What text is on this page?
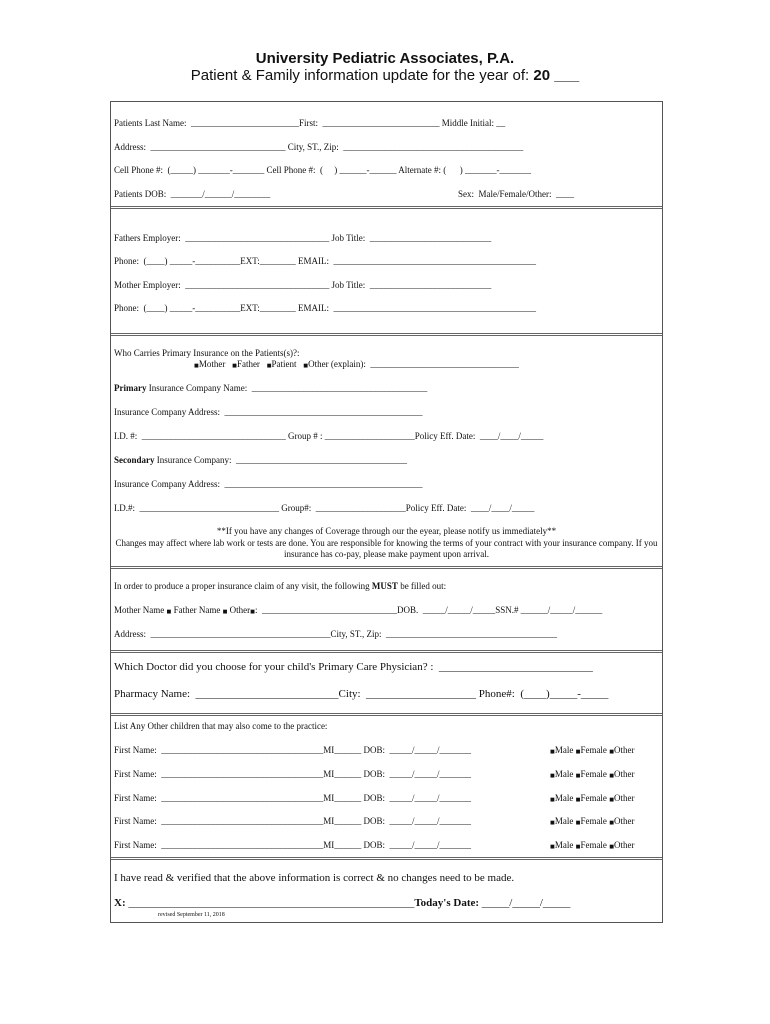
University Pediatric Associates, P.A.
Patient & Family information update for the year of: 20 ___
Patients Last Name:  ________________________First:  __________________________ Middle Initial: __
Address:  ______________________________ City, ST., Zip:  ________________________________________
Cell Phone #:  (_____) _______-_______ Cell Phone #:  (     ) ______-______ Alternate #: (      ) _______-_______
Patients DOB:  _______/______/________	Sex:  Male/Female/Other:  ____
Fathers Employer:  ________________________________ Job Title:  ___________________________
Phone:  (____) _____-__________EXT:________ EMAIL:  _____________________________________________
Mother Employer:  ________________________________ Job Title:  ___________________________
Phone:  (____) _____-__________EXT:________ EMAIL:  _____________________________________________
Who Carries Primary Insurance on the Patients(s)?:
■Mother ■Father ■Patient ■Other (explain):  _________________________________
Primary Insurance Company Name:  _______________________________________
Insurance Company Address:  ____________________________________________
I.D. #:  ________________________________ Group # : ____________________Policy Eff. Date:  ____/____/_____
Secondary Insurance Company:  ______________________________________
Insurance Company Address:  ____________________________________________
I.D.#:  _______________________________ Group#:  ____________________Policy Eff. Date:  ____/____/_____
**If you have any changes of Coverage through our the eyear, please notify us immediately**
Changes may affect where lab work or tests are done. You are responsible for knowing the terms of your contract with your insurance company. If you insurance has co-pay, please make payment upon arrival.
In order to produce a proper insurance claim of any visit, the following MUST be filled out:
Mother Name ■ Father Name ■ Other■:  ______________________________DOB.  _____/_____/_____SSN.# ______/_____/______
Address:  ________________________________________City, ST., Zip:  ______________________________________
Which Doctor did you choose for your child's Primary Care Physician? :  ____________________________
Pharmacy Name:  __________________________City:  ____________________ Phone#:  (____)_____-_____
List Any Other children that may also come to the practice:
First Name:  ____________________________________MI______ DOB:  _____/_____/_______	■Male ■Female ■Other
First Name:  ____________________________________MI______ DOB:  _____/_____/_______	■Male ■Female ■Other
First Name:  ____________________________________MI______ DOB:  _____/_____/_______	■Male ■Female ■Other
First Name:  ____________________________________MI______ DOB:  _____/_____/_______	■Male ■Female ■Other
First Name:  ____________________________________MI______ DOB:  _____/_____/_______	■Male ■Female ■Other
I have read & verified that the above information is correct & no changes need to be made.
X: ____________________________________________________Today's Date: _____/_____/_____
revised September 11, 2018
